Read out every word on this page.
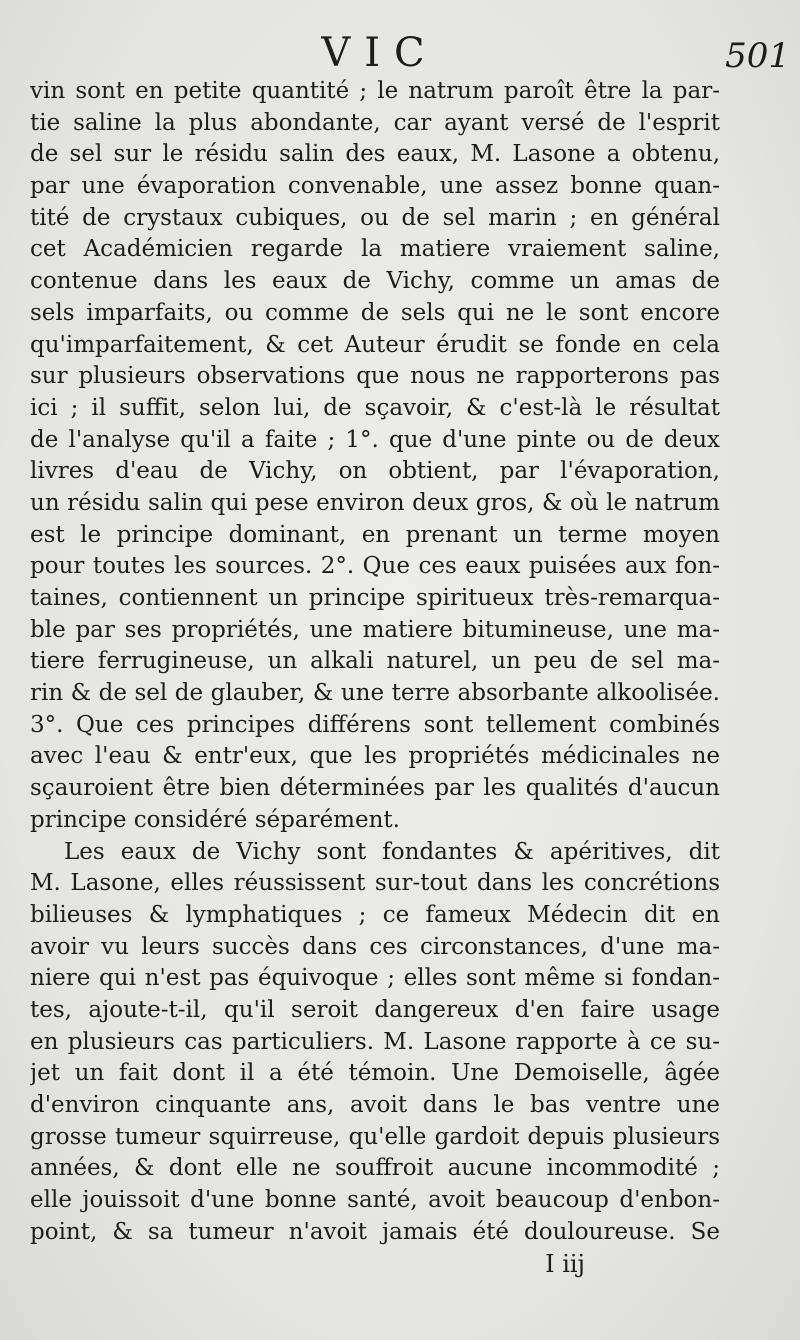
VIC	501
vin sont en petite quantité ; le natrum paroît être la par-
tie saline la plus abondante, car ayant versé de l'esprit
de sel sur le résidu salin des eaux, M. Lasone a obtenu,
par une évaporation convenable, une assez bonne quan-
tité de crystaux cubiques, ou de sel marin ; en général
cet Académicien regarde la matiere vraiement saline,
contenue dans les eaux de Vichy, comme un amas de
sels imparfaits, ou comme de sels qui ne le sont encore
qu'imparfaitement, & cet Auteur érudit se fonde en cela
sur plusieurs observations que nous ne rapporterons pas
ici ; il suffit, selon lui, de sçavoir, & c'est-là le résultat
de l'analyse qu'il a faite ; 1°. que d'une pinte ou de deux
livres d'eau de Vichy, on obtient, par l'évaporation,
un résidu salin qui pese environ deux gros, & où le natrum
est le principe dominant, en prenant un terme moyen
pour toutes les sources. 2°. Que ces eaux puisées aux fon-
taines, contiennent un principe spiritueux très-remarqua-
ble par ses propriétés, une matiere bitumineuse, une ma-
tiere ferrugineuse, un alkali naturel, un peu de sel ma-
rin & de sel de glauber, & une terre absorbante alkoolisée.
3°. Que ces principes différens sont tellement combinés
avec l'eau & entr'eux, que les propriétés médicinales ne
sçauroient être bien déterminées par les qualités d'aucun
principe considéré séparément.
Les eaux de Vichy sont fondantes & apéritives, dit
M. Lasone, elles réussissent sur-tout dans les concrétions
bilieuses & lymphatiques ; ce fameux Médecin dit en
avoir vu leurs succès dans ces circonstances, d'une ma-
niere qui n'est pas équivoque ; elles sont même si fondan-
tes, ajoute-t-il, qu'il seroit dangereux d'en faire usage
en plusieurs cas particuliers. M. Lasone rapporte à ce su-
jet un fait dont il a été témoin. Une Demoiselle, âgée
d'environ cinquante ans, avoit dans le bas ventre une
grosse tumeur squirreuse, qu'elle gardoit depuis plusieurs
années, & dont elle ne souffroit aucune incommodité ;
elle jouissoit d'une bonne santé, avoit beaucoup d'enbon-
point, & sa tumeur n'avoit jamais été douloureuse. Se
I iij
